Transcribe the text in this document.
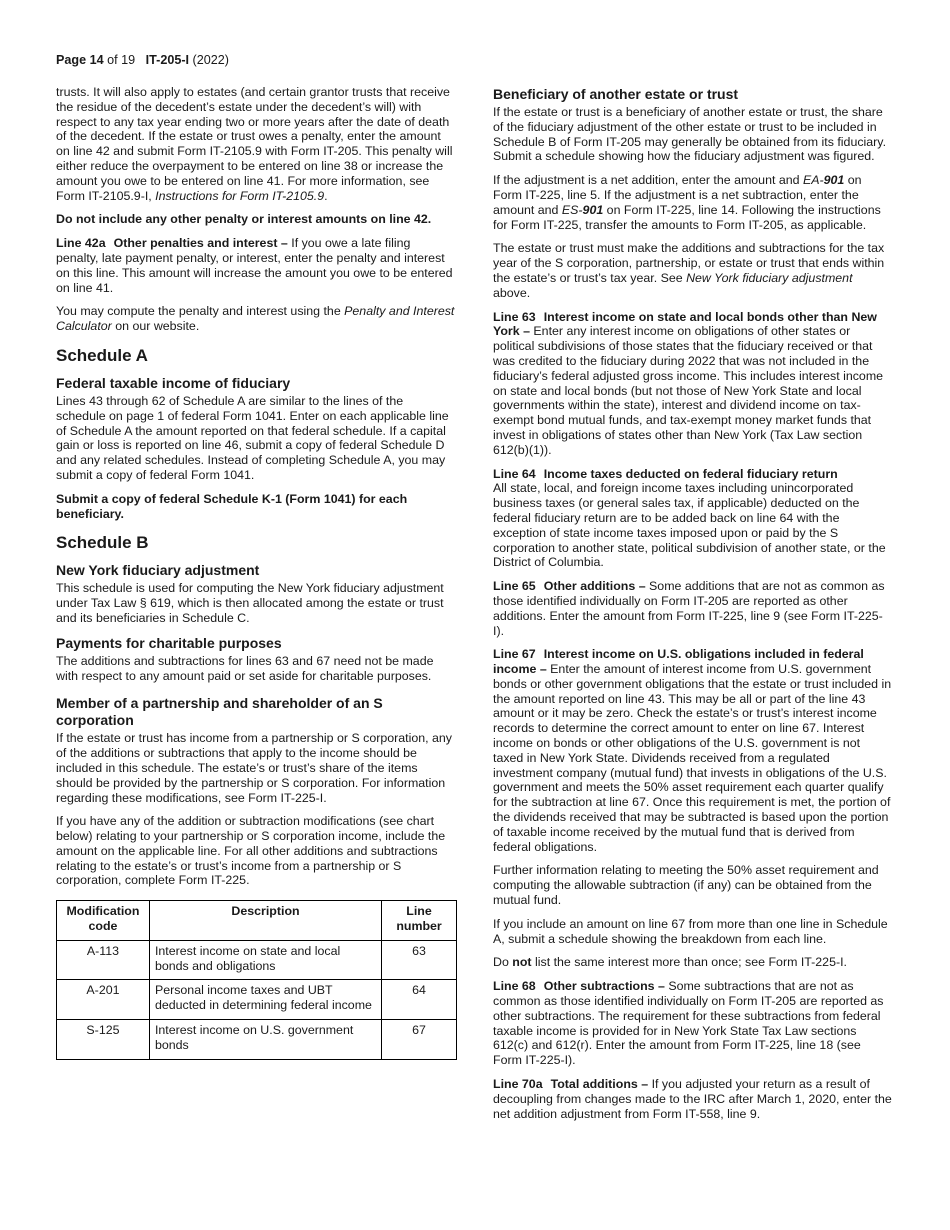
Page 14 of 19 IT-205-I (2022)

trusts. It will also apply to estates (and certain grantor trusts that receive the residue of the decedent’s estate under the decedent’s will) with respect to any tax year ending two or more years after the date of death of the decedent. If the estate or trust owes a penalty, enter the amount on line 42 and submit Form IT-2105.9 with Form IT-205. This penalty will either reduce the overpayment to be entered on line 38 or increase the amount you owe to be entered on line 41. For more information, see Form IT-2105.9-I, Instructions for Form IT-2105.9.

Do not include any other penalty or interest amounts on line 42.

Line 42a Other penalties and interest – If you owe a late filing penalty, late payment penalty, or interest, enter the penalty and interest on this line. This amount will increase the amount you owe to be entered on line 41.

You may compute the penalty and interest using the Penalty and Interest Calculator on our website.

Schedule A
Federal taxable income of fiduciary

Lines 43 through 62 of Schedule A are similar to the lines of the schedule on page 1 of federal Form 1041. Enter on each applicable line of Schedule A the amount reported on that federal schedule. If a capital gain or loss is reported on line 46, submit a copy of federal Schedule D and any related schedules. Instead of completing Schedule A, you may submit a copy of federal Form 1041.

Submit a copy of federal Schedule K-1 (Form 1041) for each beneficiary.

Schedule B
New York fiduciary adjustment

This schedule is used for computing the New York fiduciary adjustment under Tax Law § 619, which is then allocated among the estate or trust and its beneficiaries in Schedule C.

Payments for charitable purposes

The additions and subtractions for lines 63 and 67 need not be made with respect to any amount paid or set aside for charitable purposes.

Member of a partnership and shareholder of an S corporation

If the estate or trust has income from a partnership or S corporation, any of the additions or subtractions that apply to the income should be included in this schedule. The estate’s or trust’s share of the items should be provided by the partnership or S corporation. For information regarding these modifications, see Form IT-225-I.

If you have any of the addition or subtraction modifications (see chart below) relating to your partnership or S corporation income, include the amount on the applicable line. For all other additions and subtractions relating to the estate’s or trust’s income from a partnership or S corporation, complete Form IT-225.

Modification code	Description	Line number
A-113	Interest income on state and local bonds and obligations	63
A-201	Personal income taxes and UBT deducted in determining federal income	64
S-125	Interest income on U.S. government bonds	67
Beneficiary of another estate or trust

If the estate or trust is a beneficiary of another estate or trust, the share of the fiduciary adjustment of the other estate or trust to be included in Schedule B of Form IT-205 may generally be obtained from its fiduciary. Submit a schedule showing how the fiduciary adjustment was figured.

If the adjustment is a net addition, enter the amount and EA-901 on Form IT-225, line 5. If the adjustment is a net subtraction, enter the amount and ES-901 on Form IT-225, line 14. Following the instructions for Form IT-225, transfer the amounts to Form IT-205, as applicable.

The estate or trust must make the additions and subtractions for the tax year of the S corporation, partnership, or estate or trust that ends within the estate’s or trust’s tax year. See New York fiduciary adjustment above.

Line 63 Interest income on state and local bonds other than New York – Enter any interest income on obligations of other states or political subdivisions of those states that the fiduciary received or that was credited to the fiduciary during 2022 that was not included in the fiduciary’s federal adjusted gross income. This includes interest income on state and local bonds (but not those of New York State and local governments within the state), interest and dividend income on tax-exempt bond mutual funds, and tax-exempt money market funds that invest in obligations of states other than New York (Tax Law section 612(b)(1)).

Line 64 Income taxes deducted on federal fiduciary return
All state, local, and foreign income taxes including unincorporated business taxes (or general sales tax, if applicable) deducted on the federal fiduciary return are to be added back on line 64 with the exception of state income taxes imposed upon or paid by the S corporation to another state, political subdivision of another state, or the District of Columbia.

Line 65 Other additions – Some additions that are not as common as those identified individually on Form IT-205 are reported as other additions. Enter the amount from Form IT-225, line 9 (see Form IT-225-I).

Line 67 Interest income on U.S. obligations included in federal income – Enter the amount of interest income from U.S. government bonds or other government obligations that the estate or trust included in the amount reported on line 43. This may be all or part of the line 43 amount or it may be zero. Check the estate’s or trust’s interest income records to determine the correct amount to enter on line 67. Interest income on bonds or other obligations of the U.S. government is not taxed in New York State. Dividends received from a regulated investment company (mutual fund) that invests in obligations of the U.S. government and meets the 50% asset requirement each quarter qualify for the subtraction at line 67. Once this requirement is met, the portion of the dividends received that may be subtracted is based upon the portion of taxable income received by the mutual fund that is derived from federal obligations.

Further information relating to meeting the 50% asset requirement and computing the allowable subtraction (if any) can be obtained from the mutual fund.

If you include an amount on line 67 from more than one line in Schedule A, submit a schedule showing the breakdown from each line.

Do not list the same interest more than once; see Form IT-225-I.

Line 68 Other subtractions – Some subtractions that are not as common as those identified individually on Form IT-205 are reported as other subtractions. The requirement for these subtractions from federal taxable income is provided for in New York State Tax Law sections 612(c) and 612(r). Enter the amount from Form IT-225, line 18 (see Form IT-225-I).

Line 70a Total additions – If you adjusted your return as a result of decoupling from changes made to the IRC after March 1, 2020, enter the net addition adjustment from Form IT-558, line 9.
